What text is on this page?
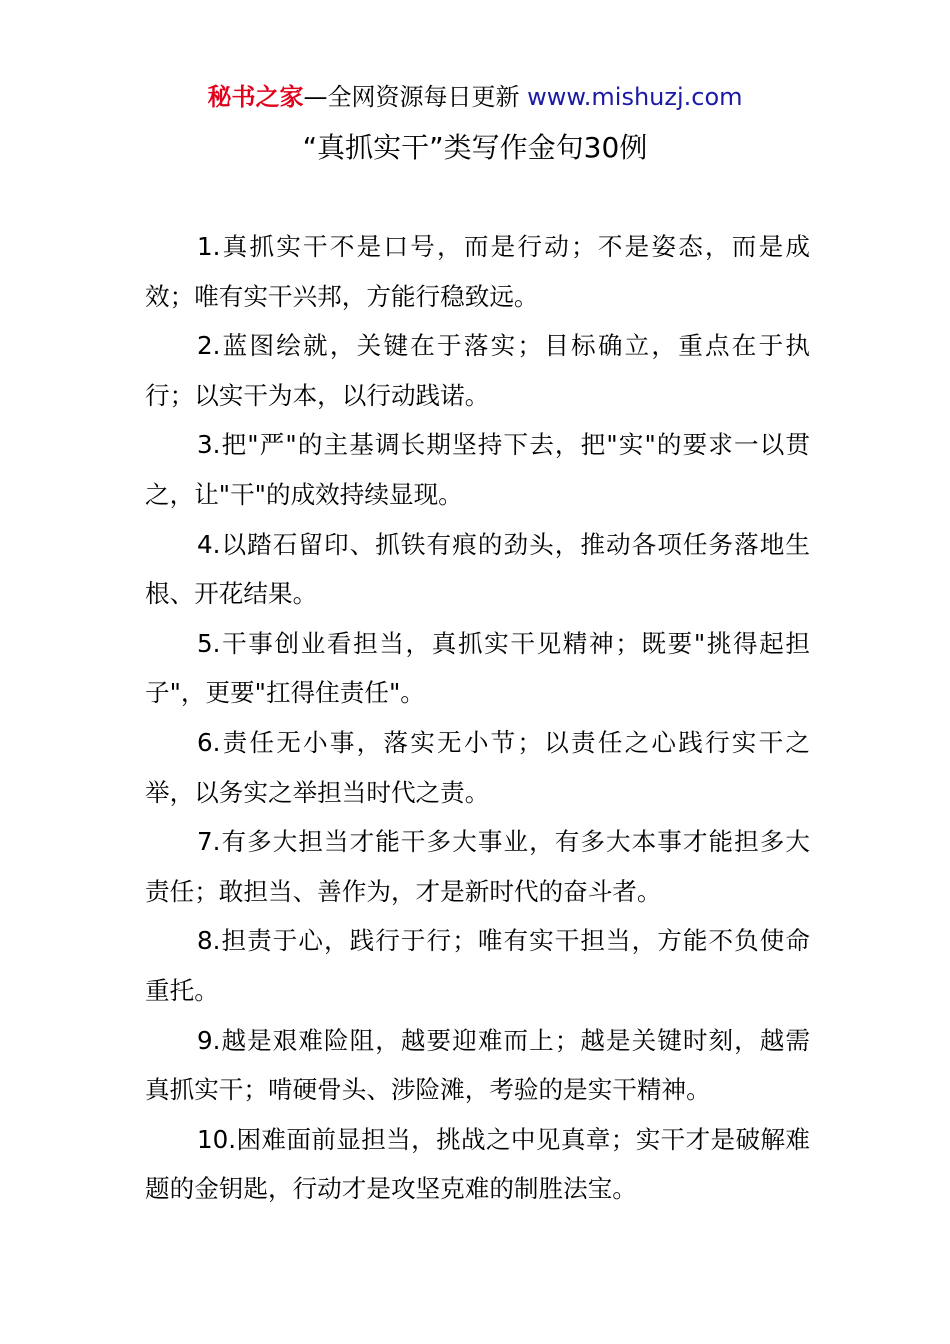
秘书之家—全网资源每日更新 www.mishuzj.com
“真抓实干”类写作金句30例

1.真抓实干不是口号，而是行动；不是姿态，而是成效；唯有实干兴邦，方能行稳致远。

2.蓝图绘就，关键在于落实；目标确立，重点在于执行；以实干为本，以行动践诺。

3.把"严"的主基调长期坚持下去，把"实"的要求一以贯之，让"干"的成效持续显现。

4.以踏石留印、抓铁有痕的劲头，推动各项任务落地生根、开花结果。

5.干事创业看担当，真抓实干见精神；既要"挑得起担子"，更要"扛得住责任"。

6.责任无小事，落实无小节；以责任之心践行实干之举，以务实之举担当时代之责。

7.有多大担当才能干多大事业，有多大本事才能担多大责任；敢担当、善作为，才是新时代的奋斗者。

8.担责于心，践行于行；唯有实干担当，方能不负使命重托。

9.越是艰难险阻，越要迎难而上；越是关键时刻，越需真抓实干；啃硬骨头、涉险滩，考验的是实干精神。

10.困难面前显担当，挑战之中见真章；实干才是破解难题的金钥匙，行动才是攻坚克难的制胜法宝。
